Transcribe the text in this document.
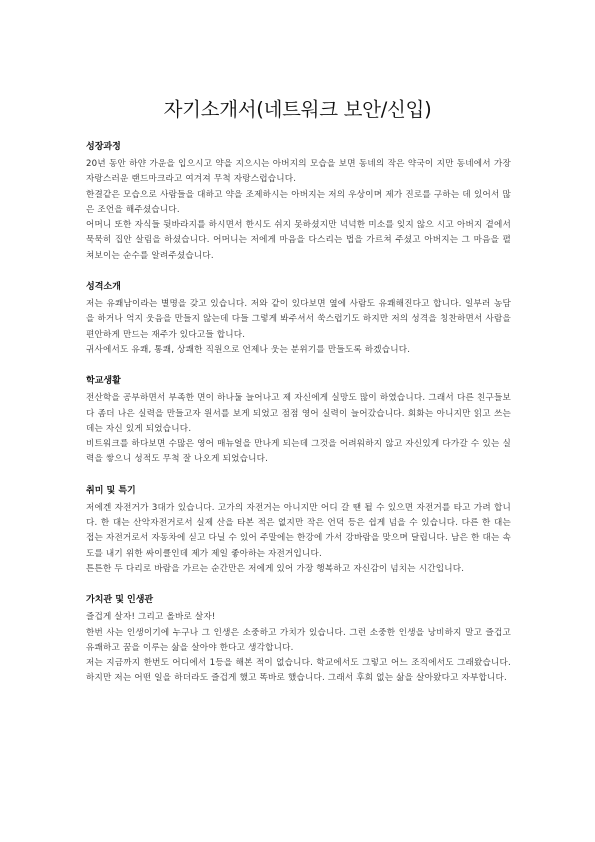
자기소개서(네트워크 보안/신입)
성장과정

20년 동안 하얀 가운을 입으시고 약을 지으시는 아버지의 모습을 보면 동네의 작은 약국이 지만 동네에서 가장 자랑스러운 랜드마크라고 여겨져 무척 자랑스럽습니다.

한결같은 모습으로 사람들을 대하고 약을 조제하시는 아버지는 저의 우상이며 제가 진로를 구하는 데 있어서 많은 조언을 해주셨습니다.

어머니 또한 자식들 뒷바라지를 하시면서 한시도 쉬지 못하셨지만 넉넉한 미소를 잊지 않으 시고 아버지 곁에서 묵묵히 집안 살림을 하셨습니다. 어머니는 저에게 마음을 다스리는 법을 가르쳐 주셨고 아버지는 그 마음을 펼쳐보이는 순수를 알려주셨습니다.

성격소개

저는 유쾌남이라는 별명을 갖고 있습니다. 저와 같이 있다보면 옆에 사람도 유쾌해진다고 합니다. 일부러 농담을 하거나 억지 웃음을 만들지 않는데 다들 그렇게 봐주셔서 쑥스럽기도 하지만 저의 성격을 칭찬하면서 사람을 편안하게 만드는 재주가 있다고들 합니다.

귀사에서도 유쾌, 통쾌, 상쾌한 직원으로 언제나 웃는 분위기를 만들도록 하겠습니다.

학교생활

전산학을 공부하면서 부족한 면이 하나둘 늘어나고 제 자신에게 실망도 많이 하였습니다. 그래서 다른 친구들보다 좀더 나은 실력을 만들고자 원서를 보게 되었고 점점 영어 실력이 늘어갔습니다. 회화는 아니지만 읽고 쓰는 데는 자신 있게 되었습니다.

비트워크를 하다보면 수많은 영어 매뉴얼을 만나게 되는데 그것을 어려워하지 않고 자신있게 다가갈 수 있는 실력을 쌓으니 성적도 무척 잘 나오게 되었습니다.

취미 및 특기

저에겐 자전거가 3대가 있습니다. 고가의 자전거는 아니지만 어디 갈 땐 될 수 있으면 자전거를 타고 가려 합니다. 한 대는 산악자전거로서 실제 산을 타본 적은 없지만 작은 언덕 등은 쉽게 넘을 수 있습니다. 다른 한 대는 접는 자전거로서 자동차에 싣고 다닐 수 있어 주말에는 한강에 가서 강바람을 맞으며 달립니다. 남은 한 대는 속도를 내기 위한 싸이클인데 제가 제일 좋아하는 자전거입니다.

튼튼한 두 다리로 바람을 가르는 순간만은 저에게 있어 가장 행복하고 자신감이 넘치는 시간입니다.

가치관 및 인생관

즐겁게 살자! 그리고 올바로 살자!

한번 사는 인생이기에 누구나 그 인생은 소중하고 가치가 있습니다. 그런 소중한 인생을 낭비하지 말고 즐겁고 유쾌하고 꿈을 이루는 삶을 살아야 한다고 생각합니다.

저는 지금까지 한번도 어디에서 1등을 해본 적이 없습니다. 학교에서도 그렇고 어느 조직에서도 그래왔습니다. 하지만 저는 어떤 일을 하더라도 즐겁게 했고 똑바로 했습니다. 그래서 후회 없는 삶을 살아왔다고 자부합니다.
